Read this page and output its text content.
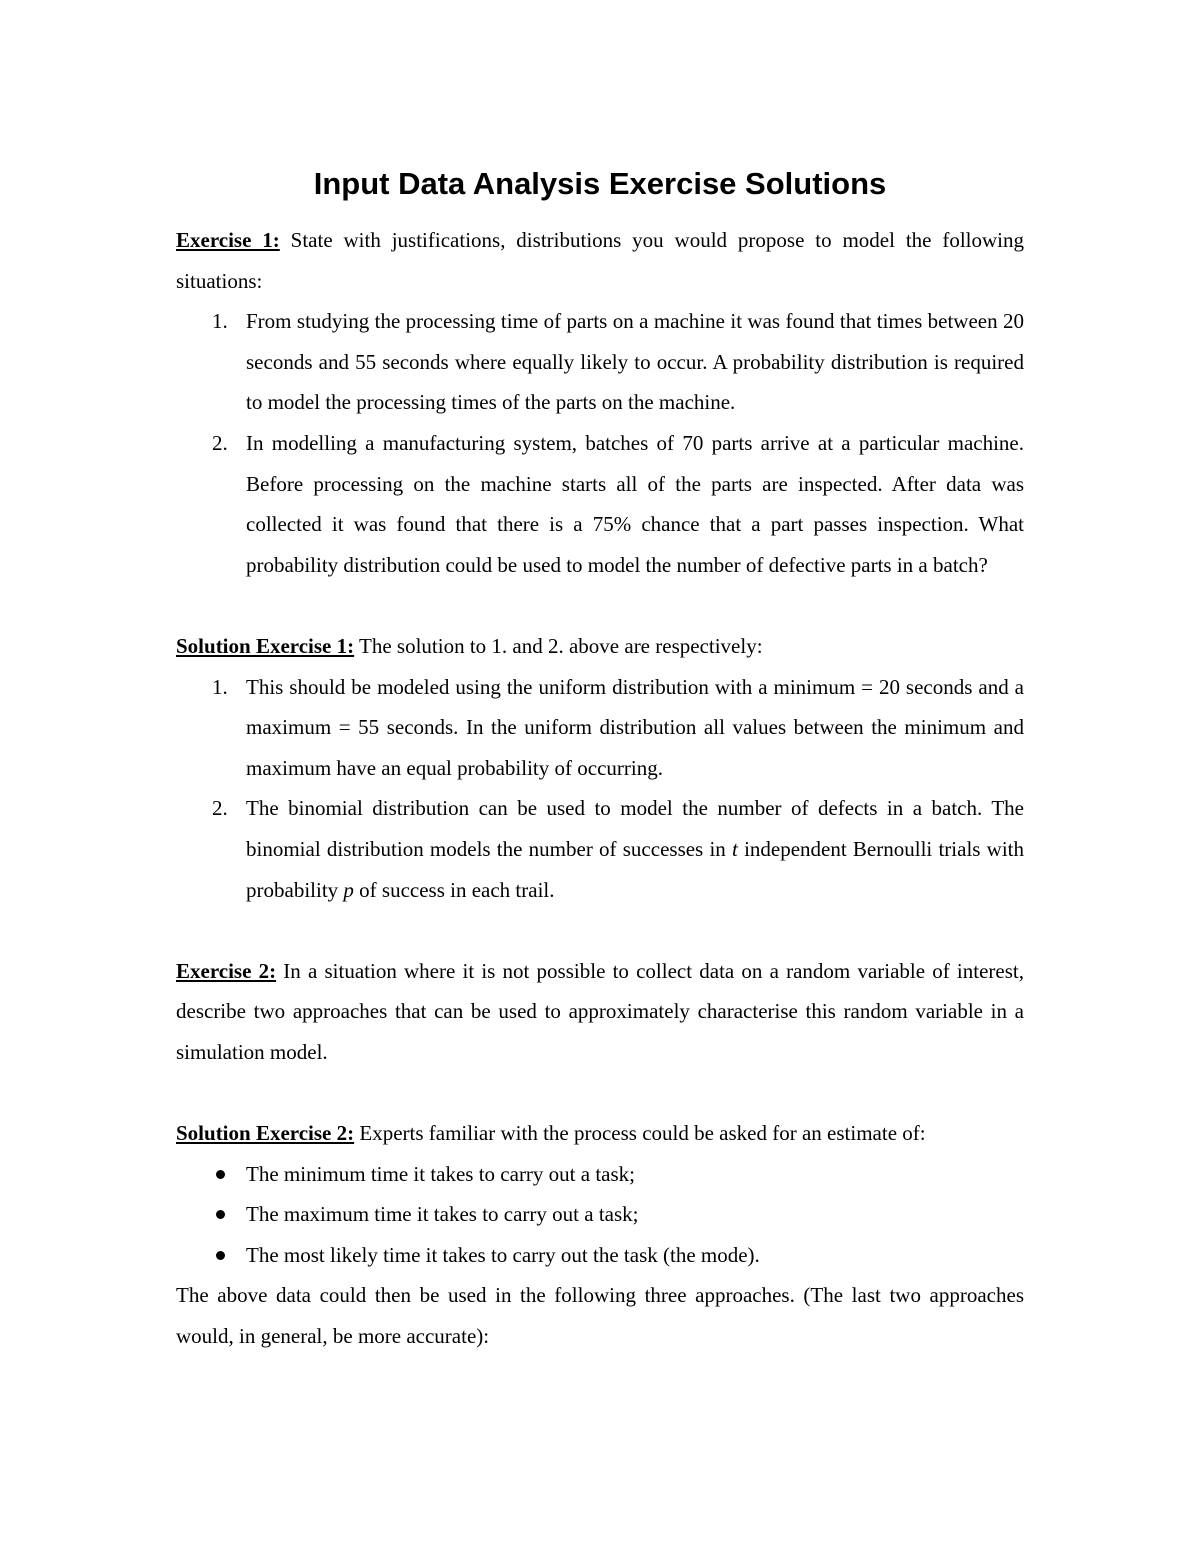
Input Data Analysis Exercise Solutions

Exercise 1: State with justifications, distributions you would propose to model the following situations:

1. From studying the processing time of parts on a machine it was found that times between 20 seconds and 55 seconds where equally likely to occur. A probability distribution is required to model the processing times of the parts on the machine.
2. In modelling a manufacturing system, batches of 70 parts arrive at a particular machine. Before processing on the machine starts all of the parts are inspected. After data was collected it was found that there is a 75% chance that a part passes inspection. What probability distribution could be used to model the number of defective parts in a batch?

Solution Exercise 1: The solution to 1. and 2. above are respectively:

1. This should be modeled using the uniform distribution with a minimum = 20 seconds and a maximum = 55 seconds. In the uniform distribution all values between the minimum and maximum have an equal probability of occurring.
2. The binomial distribution can be used to model the number of defects in a batch. The binomial distribution models the number of successes in t independent Bernoulli trials with probability p of success in each trail.

Exercise 2: In a situation where it is not possible to collect data on a random variable of interest, describe two approaches that can be used to approximately characterise this random variable in a simulation model.

Solution Exercise 2: Experts familiar with the process could be asked for an estimate of:

The minimum time it takes to carry out a task;
The maximum time it takes to carry out a task;
The most likely time it takes to carry out the task (the mode).

The above data could then be used in the following three approaches. (The last two approaches would, in general, be more accurate):
